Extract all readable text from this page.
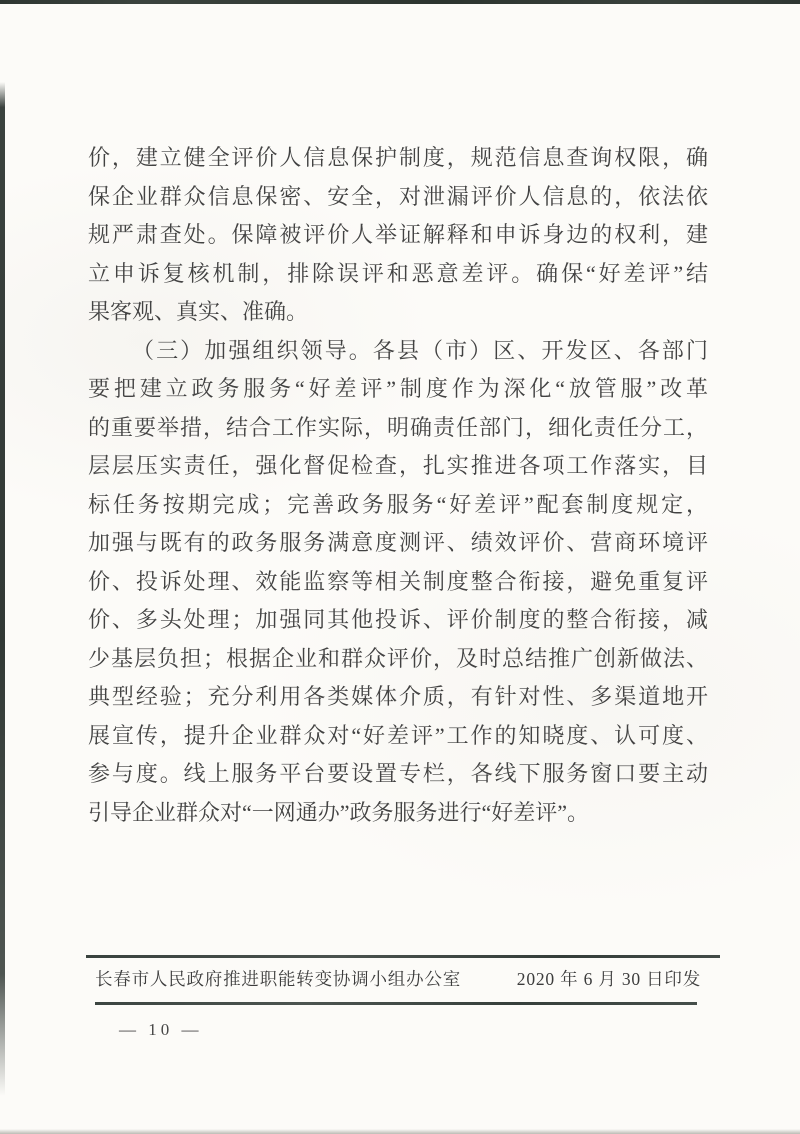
价，建立健全评价人信息保护制度，规范信息查询权限，确
保企业群众信息保密、安全，对泄漏评价人信息的，依法依
规严肃查处。保障被评价人举证解释和申诉身边的权利，建
立申诉复核机制，排除误评和恶意差评。确保“好差评”结
果客观、真实、准确。
（三）加强组织领导。各县（市）区、开发区、各部门
要把建立政务服务“好差评”制度作为深化“放管服”改革
的重要举措，结合工作实际，明确责任部门，细化责任分工，
层层压实责任，强化督促检查，扎实推进各项工作落实，目
标任务按期完成；完善政务服务“好差评”配套制度规定，
加强与既有的政务服务满意度测评、绩效评价、营商环境评
价、投诉处理、效能监察等相关制度整合衔接，避免重复评
价、多头处理；加强同其他投诉、评价制度的整合衔接，减
少基层负担；根据企业和群众评价，及时总结推广创新做法、
典型经验；充分利用各类媒体介质，有针对性、多渠道地开
展宣传，提升企业群众对“好差评”工作的知晓度、认可度、
参与度。线上服务平台要设置专栏，各线下服务窗口要主动
引导企业群众对“一网通办”政务服务进行“好差评”。
长春市人民政府推进职能转变协调小组办公室	2020 年 6 月 30 日印发
— 10 —
